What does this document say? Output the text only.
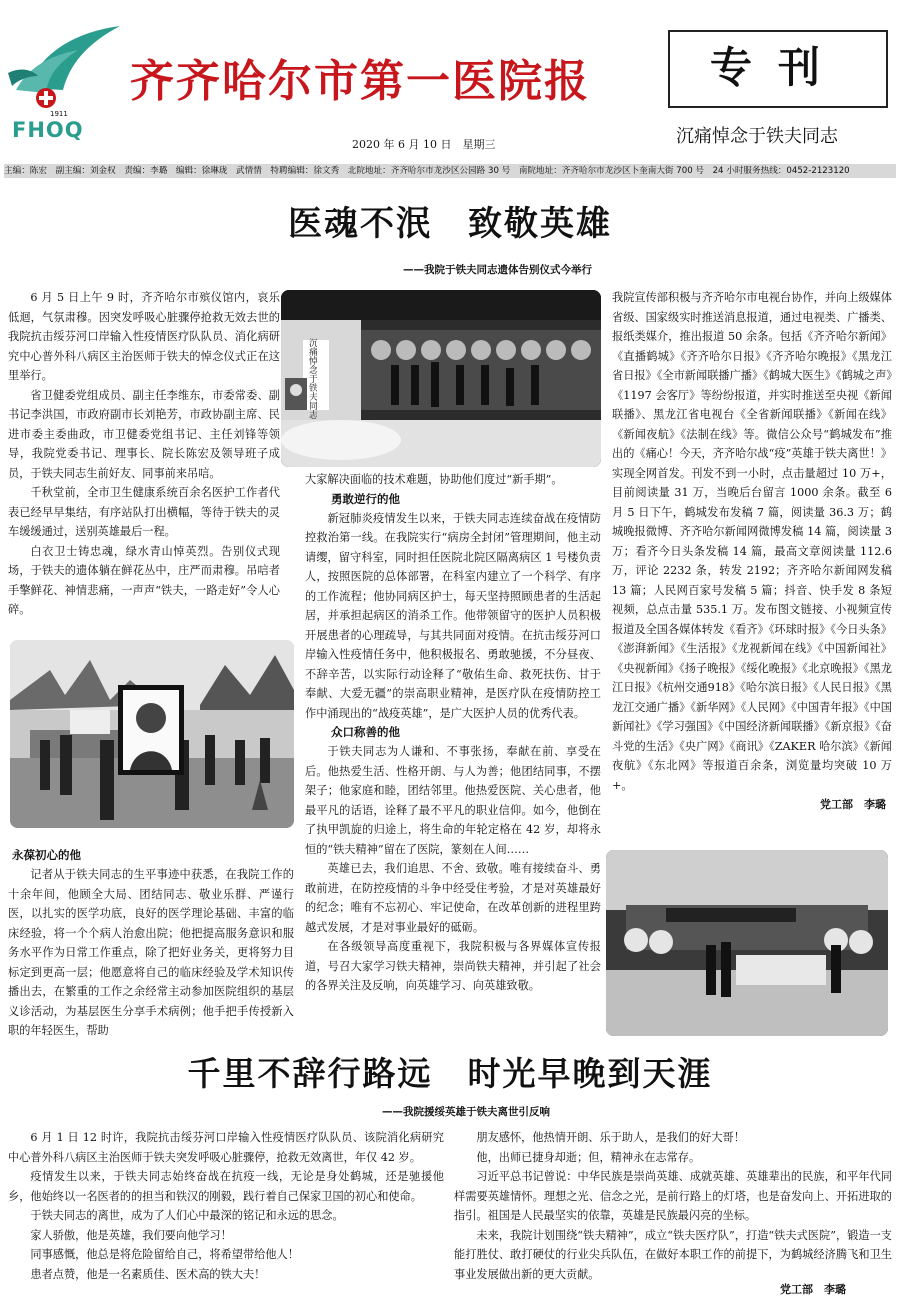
1911
FHOQ
齐齐哈尔市第一医院报	专刊
2020 年 6 月 10 日　星期三	沉痛悼念于铁夫同志
主编：陈宏　副主编：刘金权　责编：李璐　编辑：徐琳珑　武情情　特聘编辑：徐文秀　北院地址：齐齐哈尔市龙沙区公园路 30 号　南院地址：齐齐哈尔市龙沙区卜奎南大街 700 号　24 小时服务热线：0452-2123120
医魂不泯　致敬英雄
——我院于铁夫同志遗体告别仪式今举行

6 月 5 日上午 9 时，齐齐哈尔市殡仪馆内，哀乐低迴，气氛肃穆。因突发呼吸心脏骤停抢救无效去世的我院抗击绥芬河口岸输入性疫情医疗队队员、消化病研究中心普外科八病区主治医师于铁夫的悼念仪式正在这里举行。

省卫健委党组成员、副主任李维东，市委常委、副书记李洪国，市政府副市长刘艳芳，市政协副主席、民进市委主委曲政，市卫健委党组书记、主任刘锋等领导，我院党委书记、理事长、院长陈宏及领导班子成员，于铁夫同志生前好友、同事前来吊唁。

千秋堂前，全市卫生健康系统百余名医护工作者代表已经早早集结，有序站队打出横幅，等待于铁夫的灵车缓缓通过，送别英雄最后一程。

白衣卫士铸忠魂，绿水青山悼英烈。告别仪式现场，于铁夫的遗体躺在鲜花丛中，庄严而肃穆。吊唁者手擎鲜花、神情悲痛，一声声“铁夫，一路走好”令人心碎。

永葆初心的他

记者从于铁夫同志的生平事迹中获悉，在我院工作的十余年间，他顾全大局、团结同志、敬业乐群、严谨行医，以扎实的医学功底，良好的医学理论基础、丰富的临床经验，将一个个病人治愈出院；他把提高服务意识和服务水平作为日常工作重点，除了把好业务关，更将努力目标定到更高一层；他愿意将自己的临床经验及学术知识传播出去，在繁重的工作之余经常主动参加医院组织的基层义诊活动，为基层医生分享手术病例；他手把手传授新入职的年轻医生，帮助

沉痛悼念于铁夫同志

大家解决面临的技术难题，协助他们度过“新手期”。

勇敢逆行的他

新冠肺炎疫情发生以来，于铁夫同志连续奋战在疫情防控救治第一线。在我院实行“病房全封闭”管理期间，他主动请缨，留守科室，同时担任医院北院区隔离病区 1 号楼负责人，按照医院的总体部署，在科室内建立了一个科学、有序的工作流程；他协同病区护士，每天坚持照顾患者的生活起居，并承担起病区的消杀工作。他带领留守的医护人员积极开展患者的心理疏导，与其共同面对疫情。在抗击绥芬河口岸输入性疫情任务中，他积极报名、勇敢驰援，不分昼夜、不辞辛苦，以实际行动诠释了“敬佑生命、救死扶伤、甘于奉献、大爱无疆”的崇高职业精神，是医疗队在疫情防控工作中涌现出的“战疫英雄”，是广大医护人员的优秀代表。

众口称善的他

于铁夫同志为人谦和、不事张扬，奉献在前、享受在后。他热爱生活、性格开朗、与人为善；他团结同事，不摆架子；他家庭和睦，团结邻里。他热爱医院、关心患者，他最平凡的话语，诠释了最不平凡的职业信仰。如今，他倒在了执甲凯旋的归途上，将生命的年轮定格在 42 岁，却将永恒的“铁夫精神”留在了医院，篆刻在人间……

英雄已去，我们追思、不舍、致敬。唯有接续奋斗、勇敢前进，在防控疫情的斗争中经受住考验，才是对英雄最好的纪念；唯有不忘初心、牢记使命，在改革创新的进程里跨越式发展，才是对事业最好的砥砺。

在各级领导高度重视下，我院积极与各界媒体宣传报道，号召大家学习铁夫精神，崇尚铁夫精神，并引起了社会的各界关注及反响，向英雄学习、向英雄致敬。

我院宣传部积极与齐齐哈尔市电视台协作，并向上级媒体省级、国家级实时推送消息报道，通过电视类、广播类、报纸类媒介，推出报道 50 余条。包括《齐齐哈尔新闻》《直播鹤城》《齐齐哈尔日报》《齐齐哈尔晚报》《黑龙江省日报》《全市新闻联播广播》《鹤城大医生》《鹤城之声》《1197 会客厅》等纷纷报道，并实时推送至央视《新闻联播》、黑龙江省电视台《全省新闻联播》《新闻在线》《新闻夜航》《法制在线》等。微信公众号“鹤城发布”推出的《痛心！今天，齐齐哈尔战“疫”英雄于铁夫离世！》实现全网首发。刊发不到一小时，点击量超过 10 万+，目前阅读量 31 万，当晚后台留言 1000 余条。截至 6 月 5 日下午，鹤城发布发稿 7 篇，阅读量 36.3 万；鹤城晚报微博、齐齐哈尔新闻网微博发稿 14 篇，阅读量 3 万；看齐今日头条发稿 14 篇，最高文章阅读量 112.6 万，评论 2232 条，转发 2192；齐齐哈尔新闻网发稿 13 篇；人民网百家号发稿 5 篇；抖音、快手发 8 条短视频，总点击量 535.1 万。发布图文链接、小视频宣传报道及全国各媒体转发《看齐》《环球时报》《今日头条》《澎湃新闻》《生活报》《龙视新闻在线》《中国新闻社》《央视新闻》《扬子晚报》《绥化晚报》《北京晚报》《黑龙江日报》《杭州交通918》《哈尔滨日报》《人民日报》《黑龙江交通广播》《新华网》《人民网》《中国青年报》《中国新闻社》《学习强国》《中国经济新闻联播》《新京报》《奋斗党的生活》《央广网》《商讯》《ZAKER 哈尔滨》《新闻夜航》《东北网》等报道百余条，浏览量均突破 10 万+。

党工部　李璐

千里不辞行路远　时光早晚到天涯
——我院援绥英雄于铁夫离世引反响

6 月 1 日 12 时许，我院抗击绥芬河口岸输入性疫情医疗队队员、该院消化病研究中心普外科八病区主治医师于铁夫突发呼吸心脏骤停，抢救无效离世，年仅 42 岁。

疫情发生以来，于铁夫同志始终奋战在抗疫一线，无论是身处鹤城，还是驰援他乡，他始终以一名医者的的担当和铁汉的刚毅，践行着自己保家卫国的初心和使命。

于铁夫同志的离世，成为了人们心中最深的铭记和永远的思念。

家人骄傲，他是英雄，我们要向他学习！

同事感慨，他总是将危险留给自己，将希望带给他人！

患者点赞，他是一名素质佳、医术高的铁大夫！

朋友感怀，他热情开朗、乐于助人，是我们的好大哥！

他，出师已捷身却逝；但，精神永在志常存。

习近平总书记曾说：中华民族是崇尚英雄、成就英雄、英雄辈出的民族，和平年代同样需要英雄情怀。理想之光、信念之光，是前行路上的灯塔，也是奋发向上、开拓进取的指引。祖国是人民最坚实的依靠，英雄是民族最闪亮的坐标。

未来，我院计划围绕“铁夫精神”，成立“铁夫医疗队”，打造“铁夫式医院”，锻造一支能打胜仗、敢打硬仗的行业尖兵队伍，在做好本职工作的前提下，为鹤城经济腾飞和卫生事业发展做出新的更大贡献。

党工部　李璐
